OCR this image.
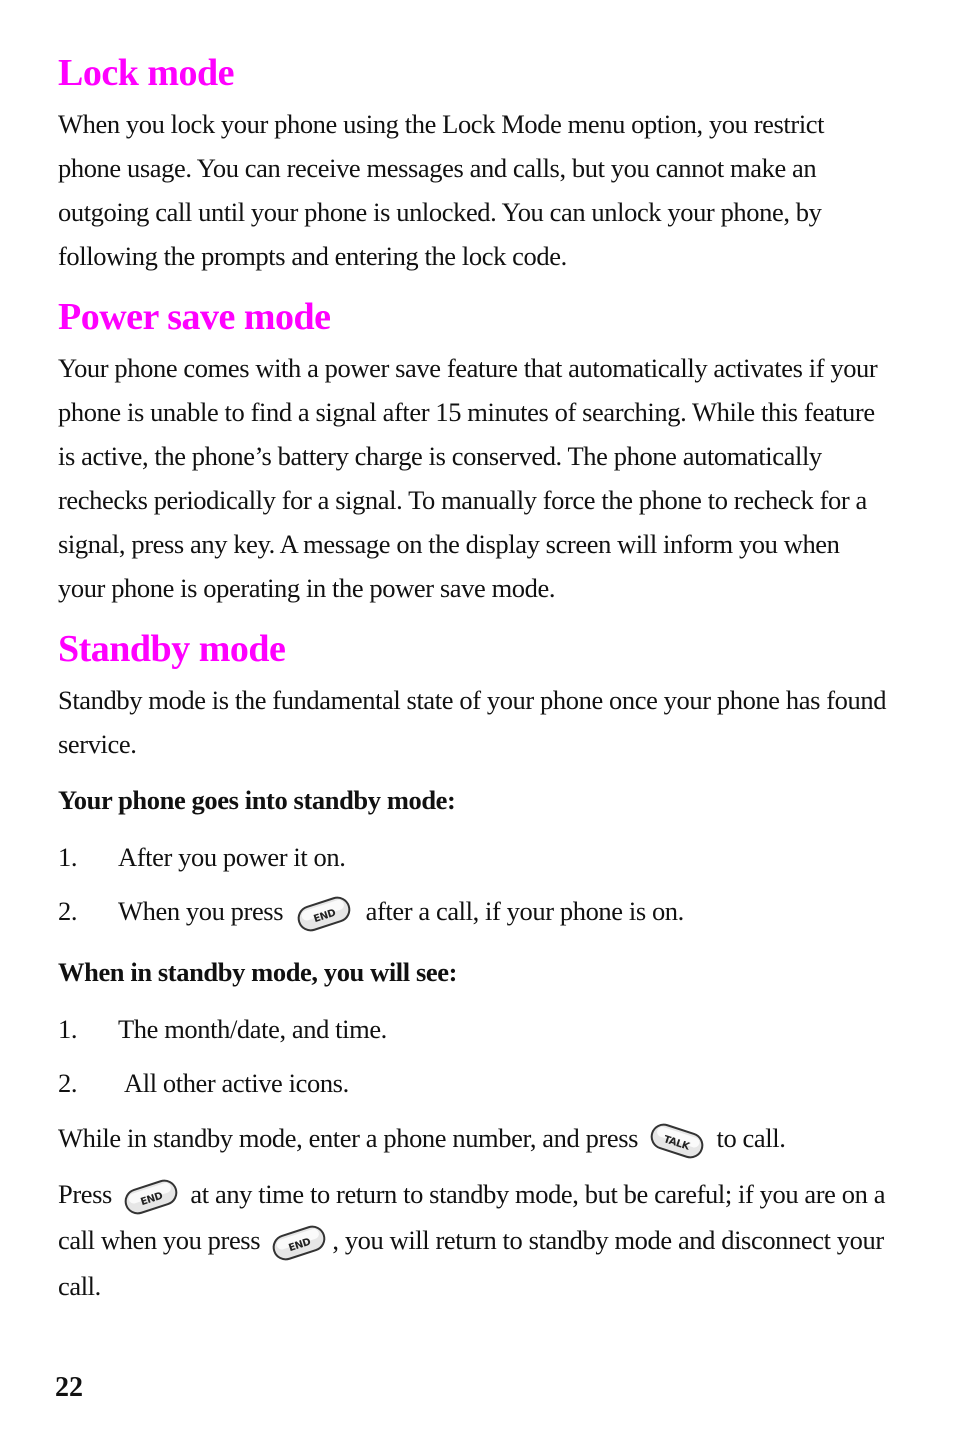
Lock mode

When you lock your phone using the Lock Mode menu option, you restrict phone usage. You can receive messages and calls, but you cannot make an outgoing call until your phone is unlocked. You can unlock your phone, by following the prompts and entering the lock code.

Power save mode

Your phone comes with a power save feature that automatically activates if your phone is unable to find a signal after 15 minutes of searching. While this feature is active, the phone’s battery charge is conserved. The phone automatically rechecks periodically for a signal. To manually force the phone to recheck for a signal, press any key. A message on the display screen will inform you when your phone is operating in the power save mode.

Standby mode

Standby mode is the fundamental state of your phone once your phone has found service.

Your phone goes into standby mode:

1.	After you power it on.
2.	When you press	END after a call, if your phone is on.

When in standby mode, you will see:

1.	The month/date, and time.
2.	All other active icons.

While in standby mode, enter a phone number, and press TALK to call.

Press	END at any time to return to standby mode, but be careful; if you are on a call when you press	END , you will return to standby mode and disconnect your call.

22
